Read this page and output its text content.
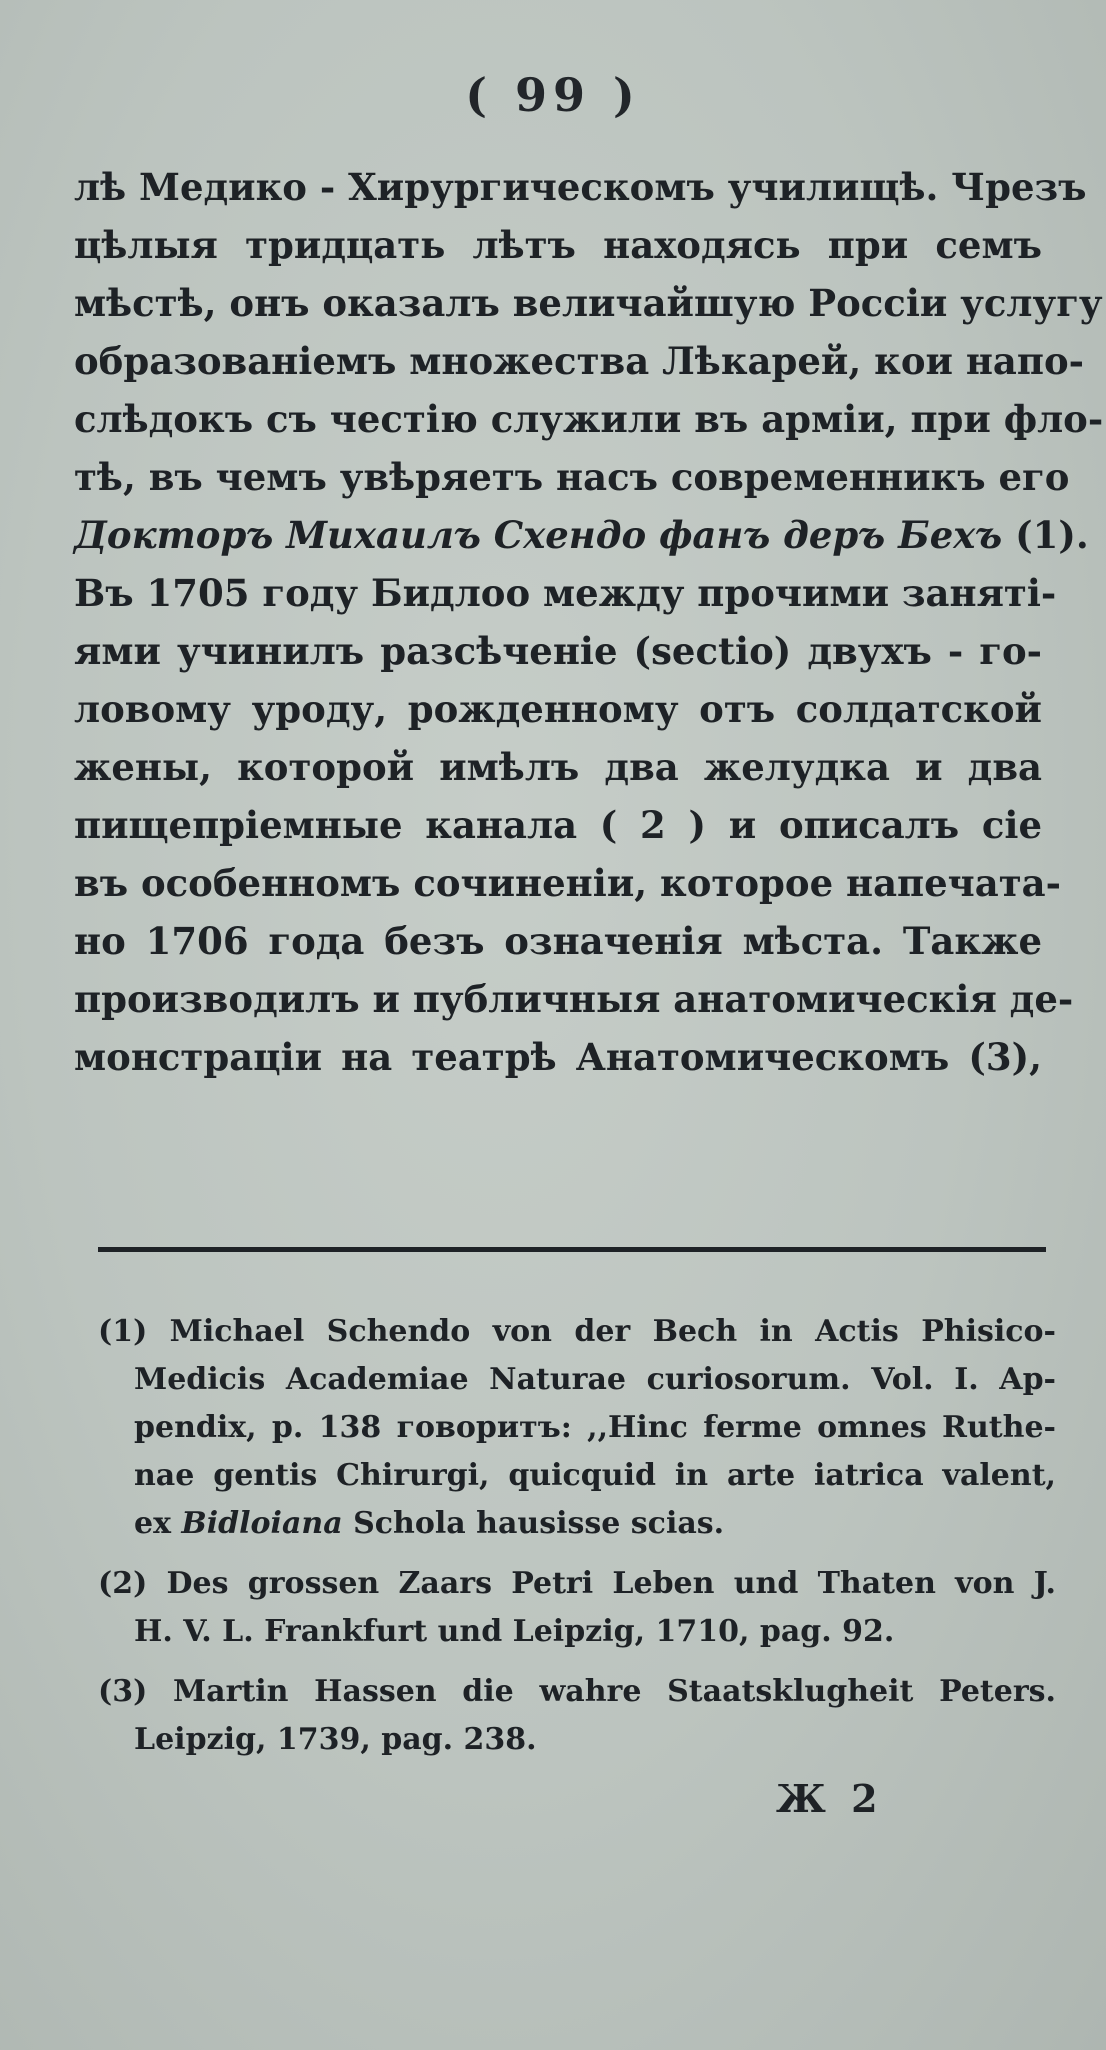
( 99 )
лѣ Медико - Хирургическомъ училищѣ. Чрезъ
цѣлыя тридцать лѣтъ находясь при семъ
мѣстѣ, онъ оказалъ величайшую Россіи услугу
образованіемъ множества Лѣкарей, кои напо-
слѣдокъ съ честію служили въ арміи, при фло-
тѣ, въ чемъ увѣряетъ насъ современникъ его
Докторъ Михаилъ Схендо фанъ деръ Бехъ (1).
Въ 1705 году Бидлоо между прочими заняті-
ями учинилъ разсѣченіе (sectio) двухъ - го-
ловому уроду, рожденному отъ солдатской
жены, которой имѣлъ два желудка и два
пищепріемные канала ( 2 ) и описалъ сіе
въ особенномъ сочиненіи, которое напечата-
но 1706 года безъ означенія мѣста. Также
производилъ и публичныя анатомическія де-
монстраціи на театрѣ Анатомическомъ (3),
(1) Michael Schendo von der Bech in Actis Phisico-
Medicis Academiae Naturae curiosorum. Vol. I. Ap-
pendix, p. 138 говоритъ: ,,Hinc ferme omnes Ruthe-
nae gentis Chirurgi, quicquid in arte iatrica valent,
ex Bidloiana Schola hausisse scias.
(2) Des grossen Zaars Petri Leben und Thaten von J.
H. V. L. Frankfurt und Leipzig, 1710, pag. 92.
(3) Martin Hassen die wahre Staatsklugheit Peters.
Leipzig, 1739, pag. 238.
Ж 2
